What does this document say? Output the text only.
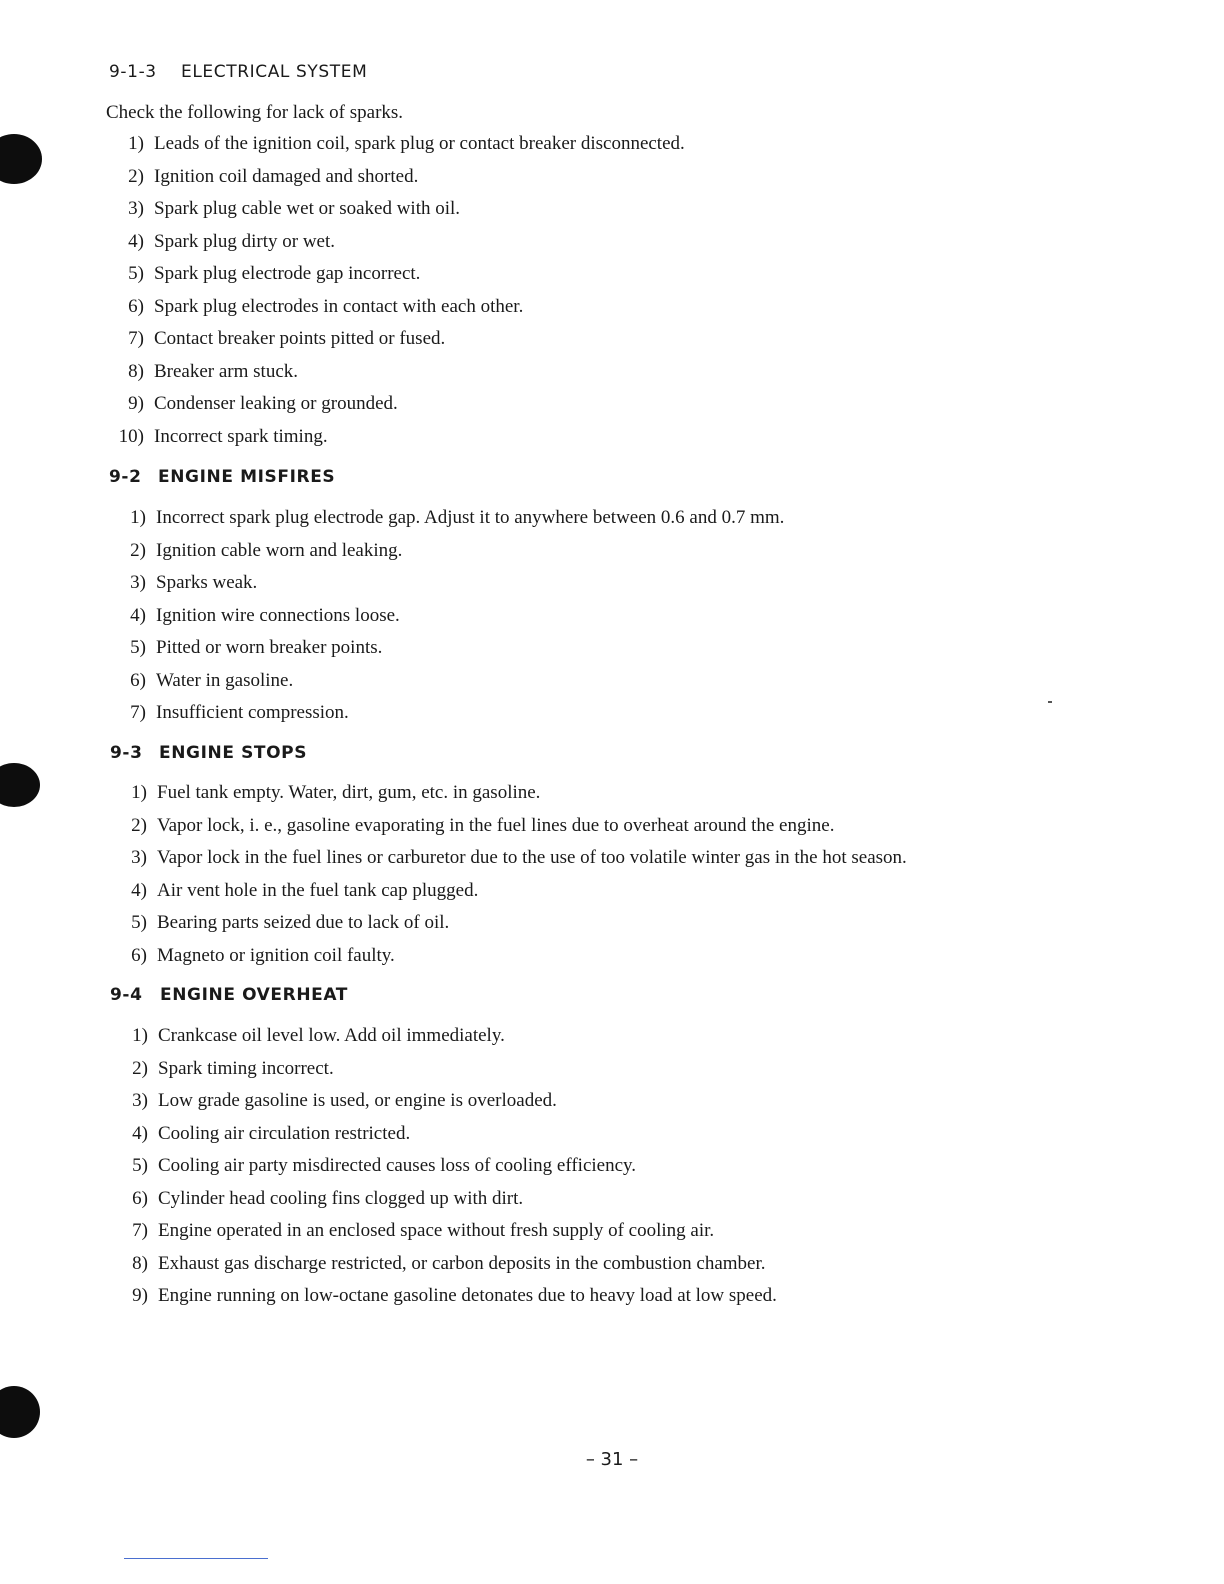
9-1-3 ELECTRICAL SYSTEM
Check the following for lack of sparks.
1) Leads of the ignition coil, spark plug or contact breaker disconnected.
2) Ignition coil damaged and shorted.
3) Spark plug cable wet or soaked with oil.
4) Spark plug dirty or wet.
5) Spark plug electrode gap incorrect.
6) Spark plug electrodes in contact with each other.
7) Contact breaker points pitted or fused.
8) Breaker arm stuck.
9) Condenser leaking or grounded.
10) Incorrect spark timing.
9-2 ENGINE MISFIRES
1) Incorrect spark plug electrode gap. Adjust it to anywhere between 0.6 and 0.7 mm.
2) Ignition cable worn and leaking.
3) Sparks weak.
4) Ignition wire connections loose.
5) Pitted or worn breaker points.
6) Water in gasoline.
7) Insufficient compression.
9-3 ENGINE STOPS
1) Fuel tank empty. Water, dirt, gum, etc. in gasoline.
2) Vapor lock, i. e., gasoline evaporating in the fuel lines due to overheat around the engine.
3) Vapor lock in the fuel lines or carburetor due to the use of too volatile winter gas in the hot season.
4) Air vent hole in the fuel tank cap plugged.
5) Bearing parts seized due to lack of oil.
6) Magneto or ignition coil faulty.
9-4 ENGINE OVERHEAT
1) Crankcase oil level low. Add oil immediately.
2) Spark timing incorrect.
3) Low grade gasoline is used, or engine is overloaded.
4) Cooling air circulation restricted.
5) Cooling air party misdirected causes loss of cooling efficiency.
6) Cylinder head cooling fins clogged up with dirt.
7) Engine operated in an enclosed space without fresh supply of cooling air.
8) Exhaust gas discharge restricted, or carbon deposits in the combustion chamber.
9) Engine running on low-octane gasoline detonates due to heavy load at low speed.
– 31 –
